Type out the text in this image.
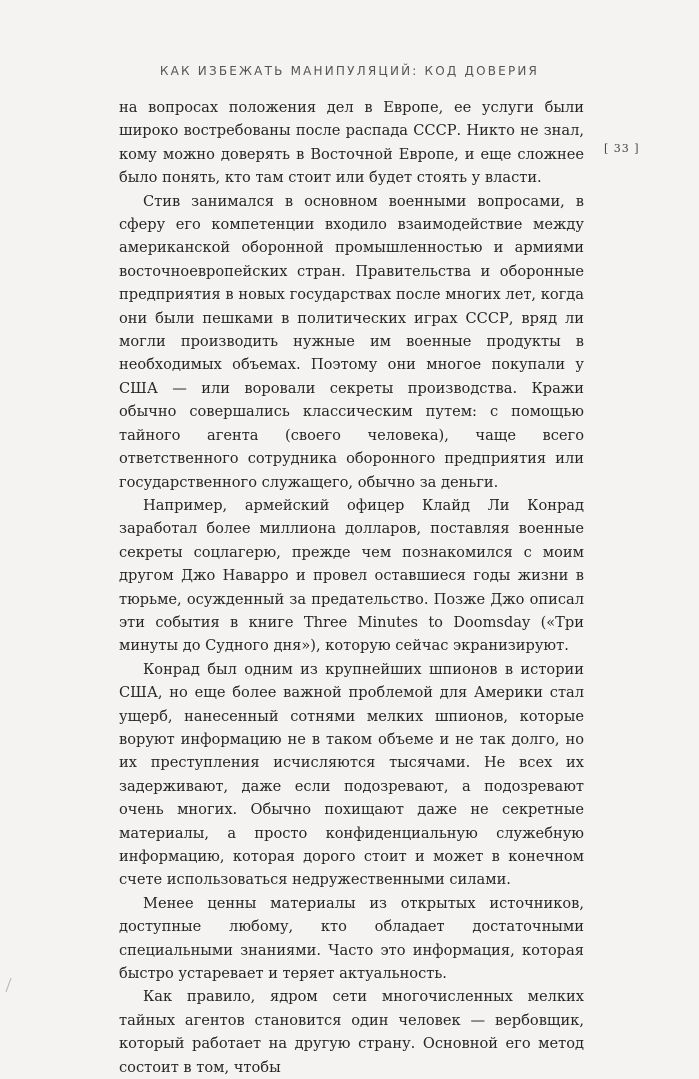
КАК ИЗБЕЖАТЬ МАНИПУЛЯЦИЙ: КОД ДОВЕРИЯ
[ 33 ]

на вопросах положения дел в Европе, ее услуги были широко востребованы после распада СССР. Никто не знал, кому можно доверять в Восточной Европе, и еще сложнее было понять, кто там стоит или будет стоять у власти.

Стив занимался в основном военными вопросами, в сферу его компетенции входило взаимодействие между американской оборонной промышленностью и армиями восточноевропейских стран. Правительства и оборонные предприятия в новых государствах после многих лет, когда они были пешками в политических играх СССР, вряд ли могли производить нужные им военные продукты в необходимых объемах. Поэтому они многое покупали у США — или воровали секреты производства. Кражи обычно совершались классическим путем: с помощью тайного агента (своего человека), чаще всего ответственного сотрудника оборонного предприятия или государственного служащего, обычно за деньги.

Например, армейский офицер Клайд Ли Конрад заработал более миллиона долларов, поставляя военные секреты соцлагерю, прежде чем познакомился с моим другом Джо Наварро и провел оставшиеся годы жизни в тюрьме, осужденный за предательство. Позже Джо описал эти события в книге Three Minutes to Doomsday («Три минуты до Судного дня»), которую сейчас экранизируют.

Конрад был одним из крупнейших шпионов в истории США, но еще более важной проблемой для Америки стал ущерб, нанесенный сотнями мелких шпионов, которые воруют информацию не в таком объеме и не так долго, но их преступления исчисляются тысячами. Не всех их задерживают, даже если подозревают, а подозревают очень многих. Обычно похищают даже не секретные материалы, а просто конфиденциальную служебную информацию, которая дорого стоит и может в конечном счете использоваться недружественными силами.

Менее ценны материалы из открытых источников, доступные любому, кто обладает достаточными специальными знаниями. Часто это информация, которая быстро устаревает и теряет актуальность.

Как правило, ядром сети многочисленных мелких тайных агентов становится один человек — вербовщик, который работает на другую страну. Основной его метод состоит в том, чтобы
